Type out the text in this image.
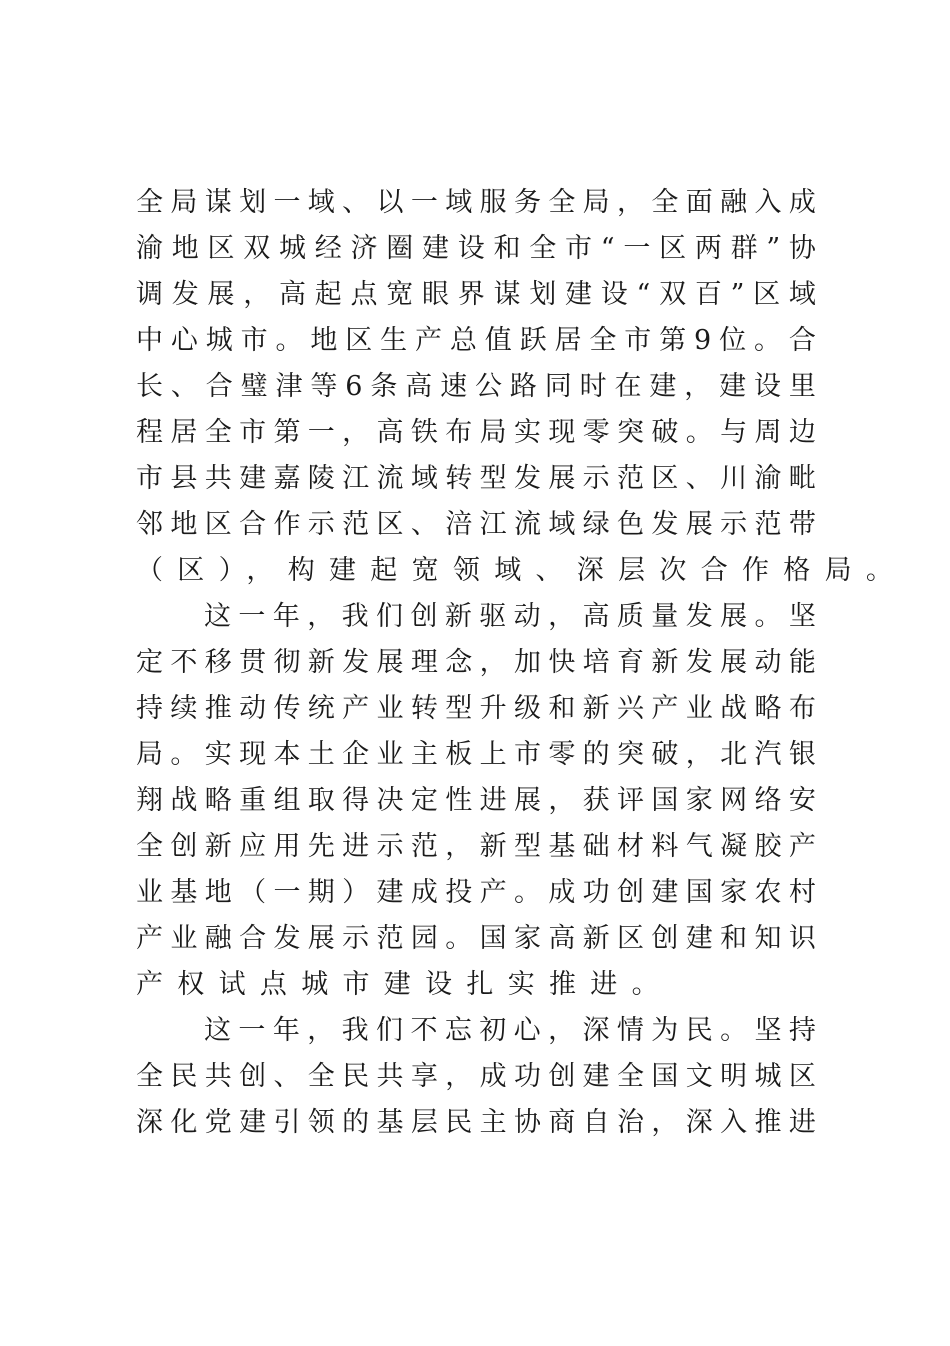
全 局 谋 划 一 域 、 以 一 域 服 务 全 局 ， 全 面 融 入 成
渝 地 区 双 城 经 济 圈 建 设 和 全 市 “ 一 区 两 群 ” 协
调 发 展 ， 高 起 点 宽 眼 界 谋 划 建 设 “ 双 百 ” 区 域
中 心 城 市 。 地 区 生 产 总 值 跃 居 全 市 第 9 位 。 合
长 、 合 璧 津 等 6 条 高 速 公 路 同 时 在 建 ， 建 设 里
程 居 全 市 第 一 ， 高 铁 布 局 实 现 零 突 破 。 与 周 边
市 县 共 建 嘉 陵 江 流 域 转 型 发 展 示 范 区 、 川 渝 毗
邻 地 区 合 作 示 范 区 、 涪 江 流 域 绿 色 发 展 示 范 带
（区），构建起宽领域、深层次合作格局。
这 一 年 ， 我 们 创 新 驱 动 ， 高 质 量 发 展 。 坚
定 不 移 贯 彻 新 发 展 理 念 ， 加 快 培 育 新 发 展 动 能
持 续 推 动 传 统 产 业 转 型 升 级 和 新 兴 产 业 战 略 布
局 。 实 现 本 土 企 业 主 板 上 市 零 的 突 破 ， 北 汽 银
翔 战 略 重 组 取 得 决 定 性 进 展 ， 获 评 国 家 网 络 安
全 创 新 应 用 先 进 示 范 ， 新 型 基 础 材 料 气 凝 胶 产
业 基 地 （ 一 期 ） 建 成 投 产 。 成 功 创 建 国 家 农 村
产 业 融 合 发 展 示 范 园 。 国 家 高 新 区 创 建 和 知 识
产权试点城市建设扎实推进。
这 一 年 ， 我 们 不 忘 初 心 ， 深 情 为 民 。 坚 持
全 民 共 创 、 全 民 共 享 ， 成 功 创 建 全 国 文 明 城 区
深 化 党 建 引 领 的 基 层 民 主 协 商 自 治 ， 深 入 推 进
